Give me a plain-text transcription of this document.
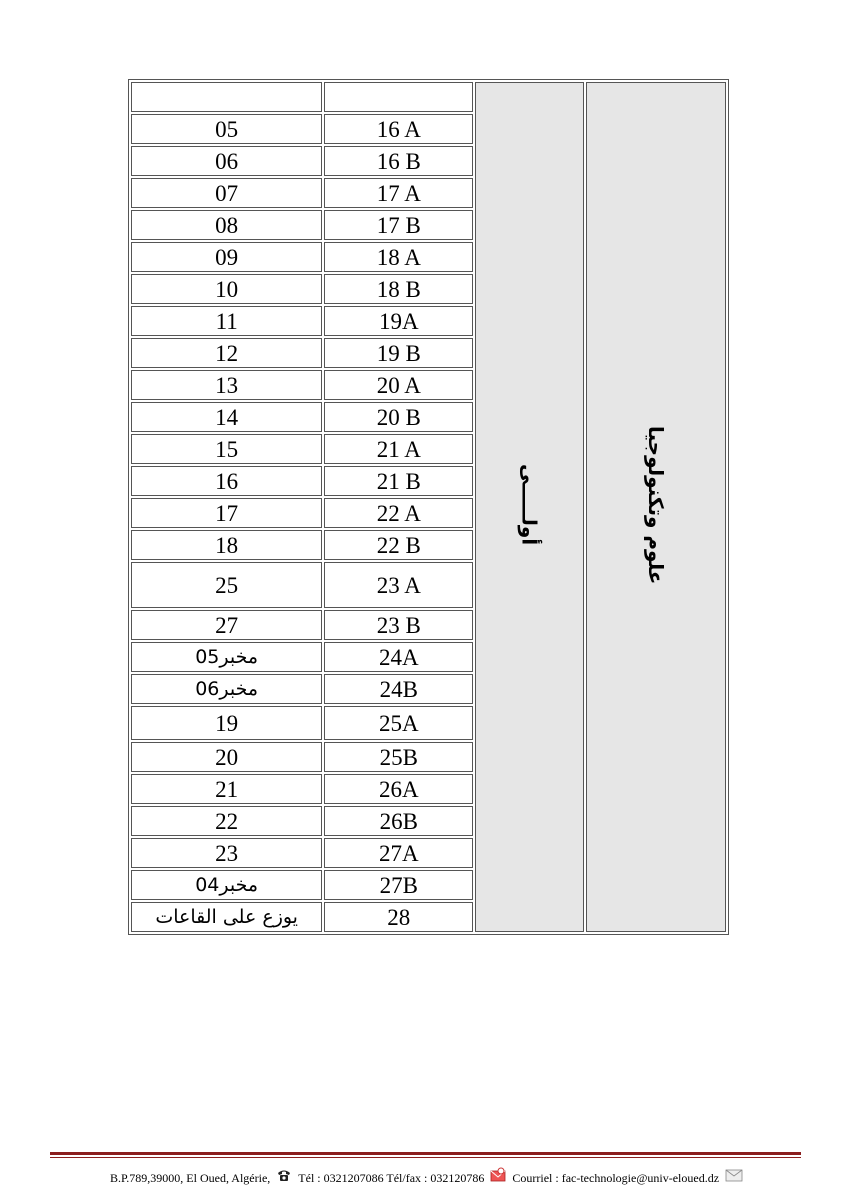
		أولـــــى	علوم وتكنولوجيا
05	16 A		
06	16 B		
07	17 A		
08	17 B		
09	18 A		
10	18 B		
11	19A		
12	19 B		
13	20 A		
14	20 B		
15	21 A		
16	21 B		
17	22 A		
18	22 B		
25	23 A		
27	23 B		
مخبر05	24A		
مخبر06	24B		
19	25A		
20	25B		
21	26A		
22	26B		
23	27A		
مخبر04	27B		
يوزع على القاعات	28		
B.P.789,39000, El Oued, Algérie, Tél : 0321207086 Tél/fax : 032120786 Courriel : fac-technologie@univ-eloued.dz
